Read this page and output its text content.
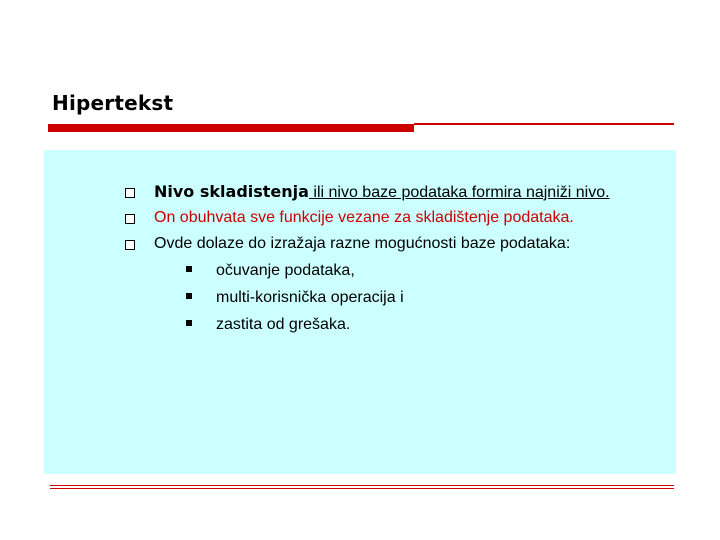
Hipertekst
Nivo skladistenja ili nivo baze podataka formira najniži nivo.
On obuhvata sve funkcije vezane za skladištenje podataka.
Ovde dolaze do izražaja razne mogućnosti baze podataka:
očuvanje podataka,
multi-korisnička operacija i
zastita od grešaka.
